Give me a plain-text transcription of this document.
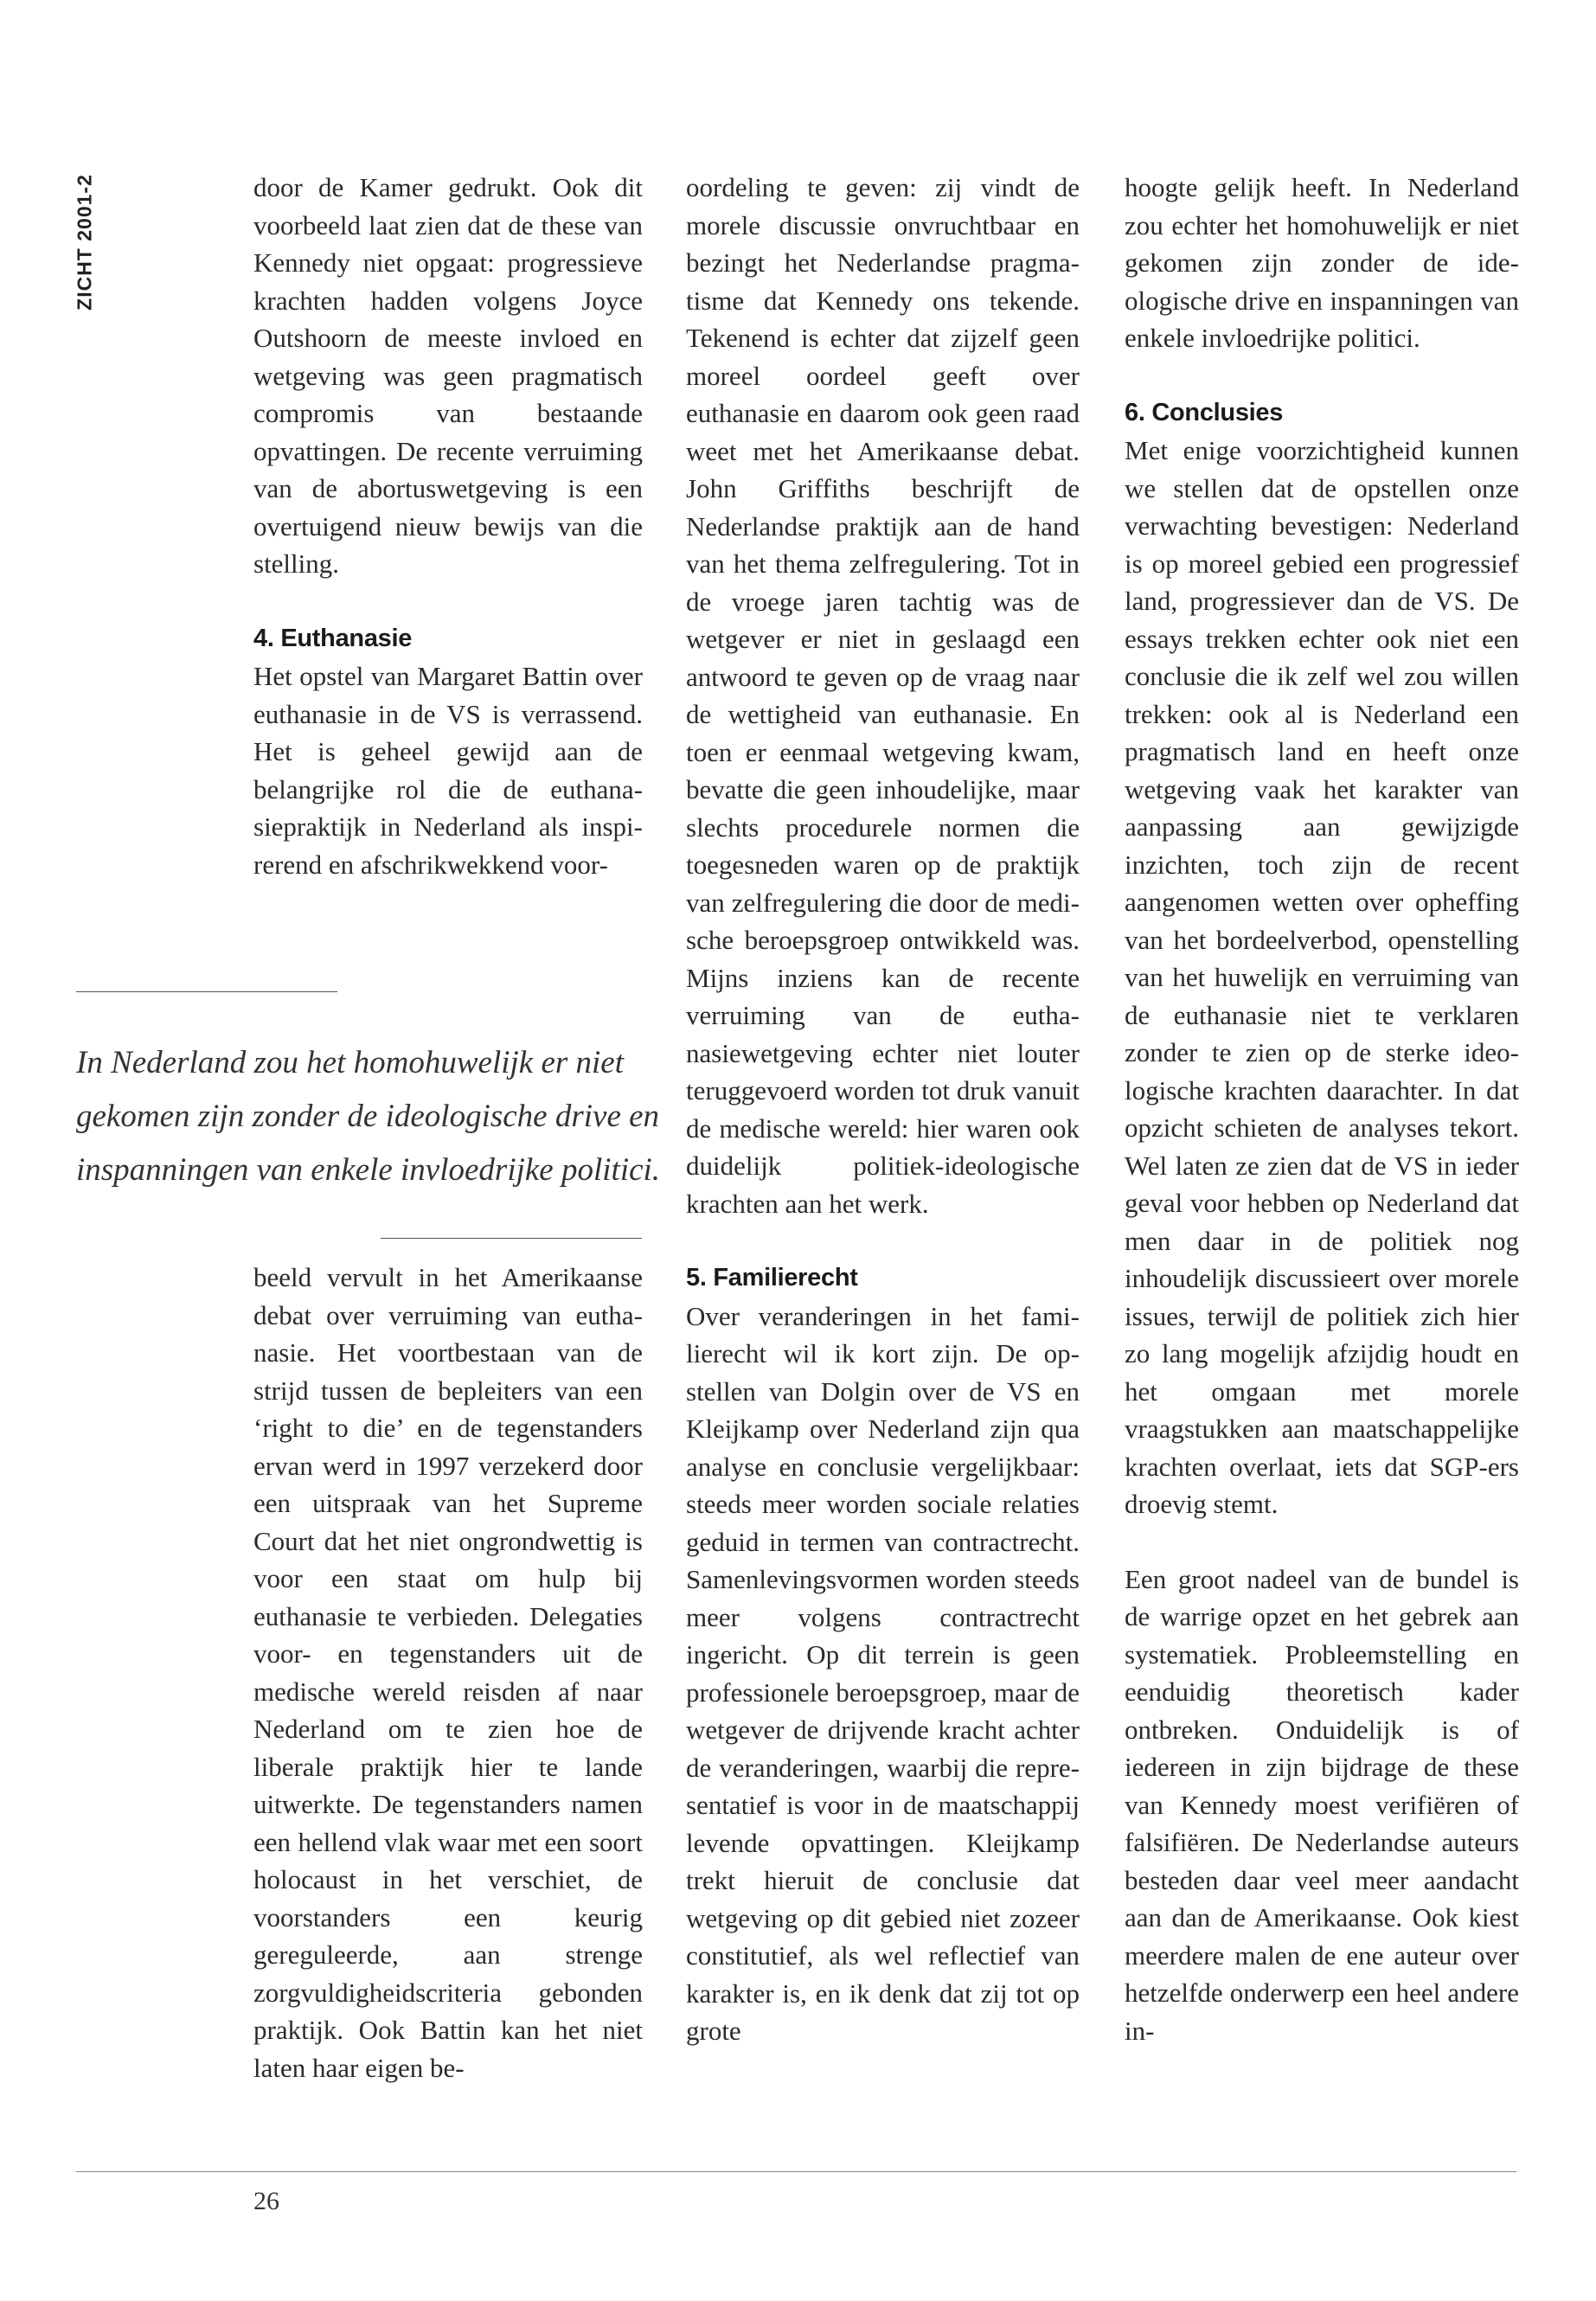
ZICHT 2001-2	door de Kamer gedrukt. Ook dit voorbeeld laat zien dat de these van Kennedy niet opgaat: progressieve krachten hadden volgens Joyce Outshoorn de meeste invloed en wetgeving was geen pragmatisch compromis van bestaande opvattingen. De recente verruiming van de abortuswetgeving is een overtuigend nieuw bewijs van die stelling.

4. Euthanasie

Het opstel van Margaret Battin over euthanasie in de VS is verrassend. Het is geheel gewijd aan de belangrijke rol die de euthanasiepraktijk in Nederland als inspirerend en afschrikwekkend voor-

In Nederland zou het homohuwelijk er niet gekomen zijn zonder de ideologische drive en inspanningen van enkele invloedrijke politici.

beeld vervult in het Amerikaanse debat over verruiming van euthanasie. Het voortbestaan van de strijd tussen de bepleiters van een ‘right to die’ en de tegenstanders ervan werd in 1997 verzekerd door een uitspraak van het Supreme Court dat het niet ongrondwettig is voor een staat om hulp bij euthanasie te verbieden. Delegaties voor- en tegenstanders uit de medische wereld reisden af naar Nederland om te zien hoe de liberale praktijk hier te lande uitwerkte. De tegenstanders namen een hellend vlak waar met een soort holocaust in het verschiet, de voorstanders een keurig gereguleerde, aan strenge zorgvuldigheidscriteria gebonden praktijk. Ook Battin kan het niet laten haar eigen be-

oordeling te geven: zij vindt de morele discussie onvruchtbaar en bezingt het Nederlandse pragmatisme dat Kennedy ons tekende. Tekenend is echter dat zijzelf geen moreel oordeel geeft over euthanasie en daarom ook geen raad weet met het Amerikaanse debat. John Griffiths beschrijft de Nederlandse praktijk aan de hand van het thema zelfregulering. Tot in de vroege jaren tachtig was de wetgever er niet in geslaagd een antwoord te geven op de vraag naar de wettigheid van euthanasie. En toen er eenmaal wetgeving kwam, bevatte die geen inhoudelijke, maar slechts procedurele normen die toegesneden waren op de praktijk van zelfregulering die door de medische beroepsgroep ontwikkeld was. Mijns inziens kan de recente verruiming van de euthanasiewetgeving echter niet louter teruggevoerd worden tot druk vanuit de medische wereld: hier waren ook duidelijk politiek-ideologische krachten aan het werk.

5. Familierecht

Over veranderingen in het familierecht wil ik kort zijn. De opstellen van Dolgin over de VS en Kleijkamp over Nederland zijn qua analyse en conclusie vergelijkbaar: steeds meer worden sociale relaties geduid in termen van contractrecht. Samenlevingsvormen worden steeds meer volgens contractrecht ingericht. Op dit terrein is geen professionele beroepsgroep, maar de wetgever de drijvende kracht achter de veranderingen, waarbij die representatief is voor in de maatschappij levende opvattingen. Kleijkamp trekt hieruit de conclusie dat wetgeving op dit gebied niet zozeer constitutief, als wel reflectief van karakter is, en ik denk dat zij tot op grote

hoogte gelijk heeft. In Nederland zou echter het homohuwelijk er niet gekomen zijn zonder de ideologische drive en inspanningen van enkele invloedrijke politici.

6. Conclusies

Met enige voorzichtigheid kunnen we stellen dat de opstellen onze verwachting bevestigen: Nederland is op moreel gebied een progressief land, progressiever dan de VS. De essays trekken echter ook niet een conclusie die ik zelf wel zou willen trekken: ook al is Nederland een pragmatisch land en heeft onze wetgeving vaak het karakter van aanpassing aan gewijzigde inzichten, toch zijn de recent aangenomen wetten over opheffing van het bordeelverbod, openstelling van het huwelijk en verruiming van de euthanasie niet te verklaren zonder te zien op de sterke ideologische krachten daarachter. In dat opzicht schieten de analyses tekort. Wel laten ze zien dat de VS in ieder geval voor hebben op Nederland dat men daar in de politiek nog inhoudelijk discussieert over morele issues, terwijl de politiek zich hier zo lang mogelijk afzijdig houdt en het omgaan met morele vraagstukken aan maatschappelijke krachten overlaat, iets dat SGP-ers droevig stemt.

Een groot nadeel van de bundel is de warrige opzet en het gebrek aan systematiek. Probleemstelling en eenduidig theoretisch kader ontbreken. Onduidelijk is of iedereen in zijn bijdrage de these van Kennedy moest verifiëren of falsifiëren. De Nederlandse auteurs besteden daar veel meer aandacht aan dan de Amerikaanse. Ook kiest meerdere malen de ene auteur over hetzelfde onderwerp een heel andere in-

26
